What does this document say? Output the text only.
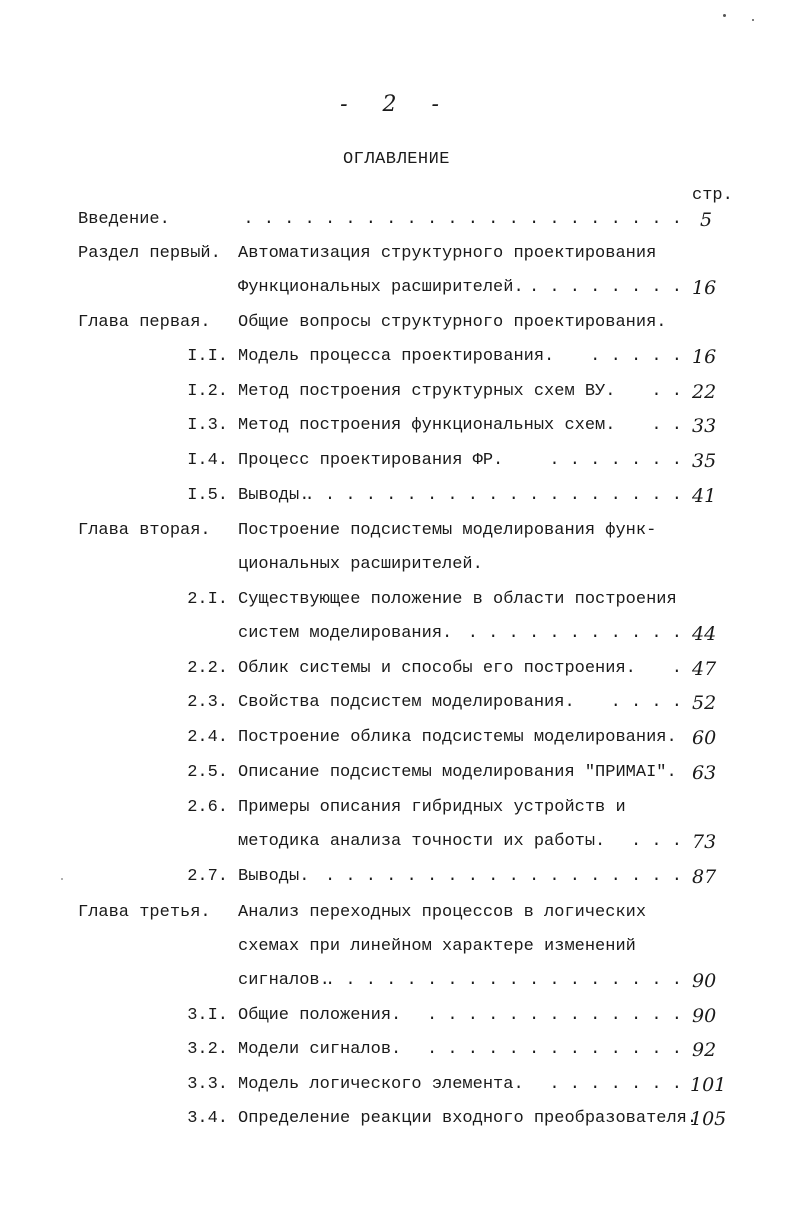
- 2 -
ОГЛАВЛЕНИЕ
стр.
Введение.	. . . . . . . . . . . . . . . . . . . . . . 5
Раздел первый. Автоматизация структурного проектирования
Функциональных расширителей. . . . . . . . . 16
Глава первая. Общие вопросы структурного проектирования.
I.I. Модель процесса проектирования. . . . . . 16
I.2. Метод построения структурных схем ВУ. . . 22
I.3. Метод построения функциональных схем. . . 33
I.4. Процесс проектирования ФР.	. . . . . . . 35
I.5. Выводы.
. . . . . . . . . . . . . . . . . . . 41
Глава вторая. Построение подсистемы моделирования функ-
циональных расширителей.
2.I. Существующее положение в области построения
систем моделирования. . . . . . . . . . . . 44
2.2. Облик системы и способы его построения. . 47
2.3. Свойства подсистем моделирования. . . . . 52
2.4. Построение облика подсистемы моделирования. 60
2.5. Описание подсистемы моделирования "ПРИМАI". 63
2.6. Примеры описания гибридных устройств и
методика анализа точности их работы. . . . 73
2.7. Выводы. . . . . . . . . . . . . . . . . . . 87
Глава третья. Анализ переходных процессов в логических
схемах при линейном характере изменений
сигналов.
. . . . . . . . . . . . . . . . . . 90
3.I. Общие положения. . . . . . . . . . . . . . 90
3.2. Модели сигналов. . . . . . . . . . . . . . 92
3.3. Модель логического элемента. . . . . . . . 101
3.4. Определение реакции входного преобразователя.
105
